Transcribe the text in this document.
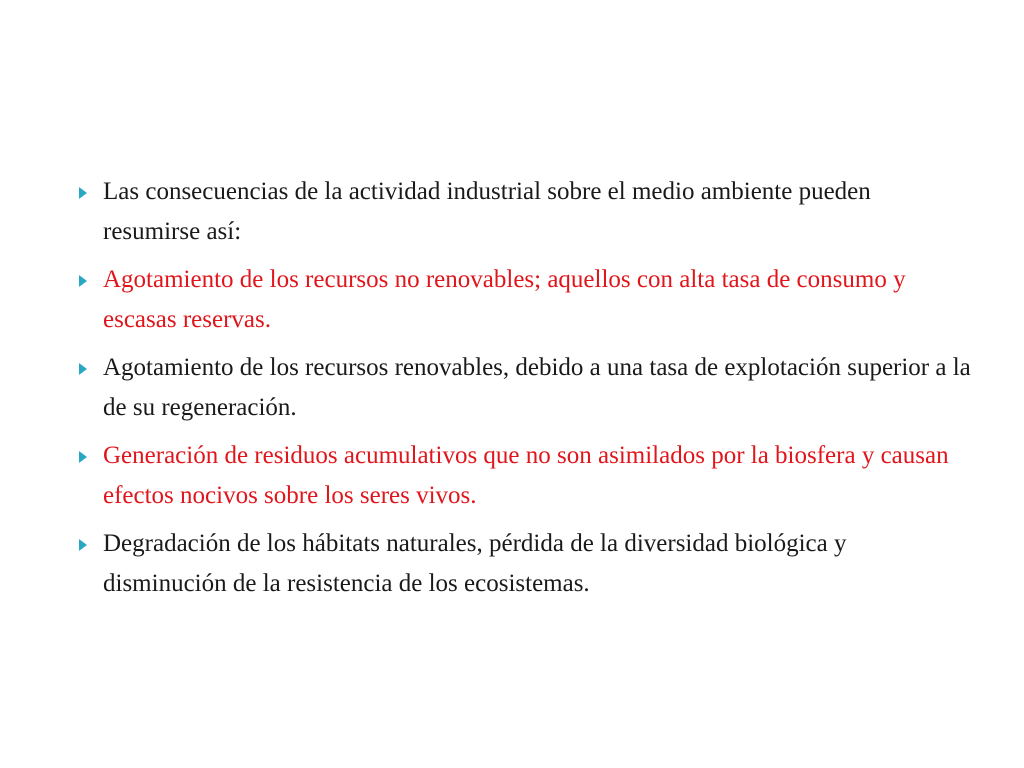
Las consecuencias de la actividad industrial sobre el medio ambiente pueden resumirse así:
Agotamiento de los recursos no renovables; aquellos con alta tasa de consumo y escasas reservas.
Agotamiento de los recursos renovables, debido a una tasa de explotación superior a la de su regeneración.
Generación de residuos acumulativos que no son asimilados por la biosfera y causan efectos nocivos sobre los seres vivos.
Degradación de los hábitats naturales, pérdida de la diversidad biológica y disminución de la resistencia de los ecosistemas.
